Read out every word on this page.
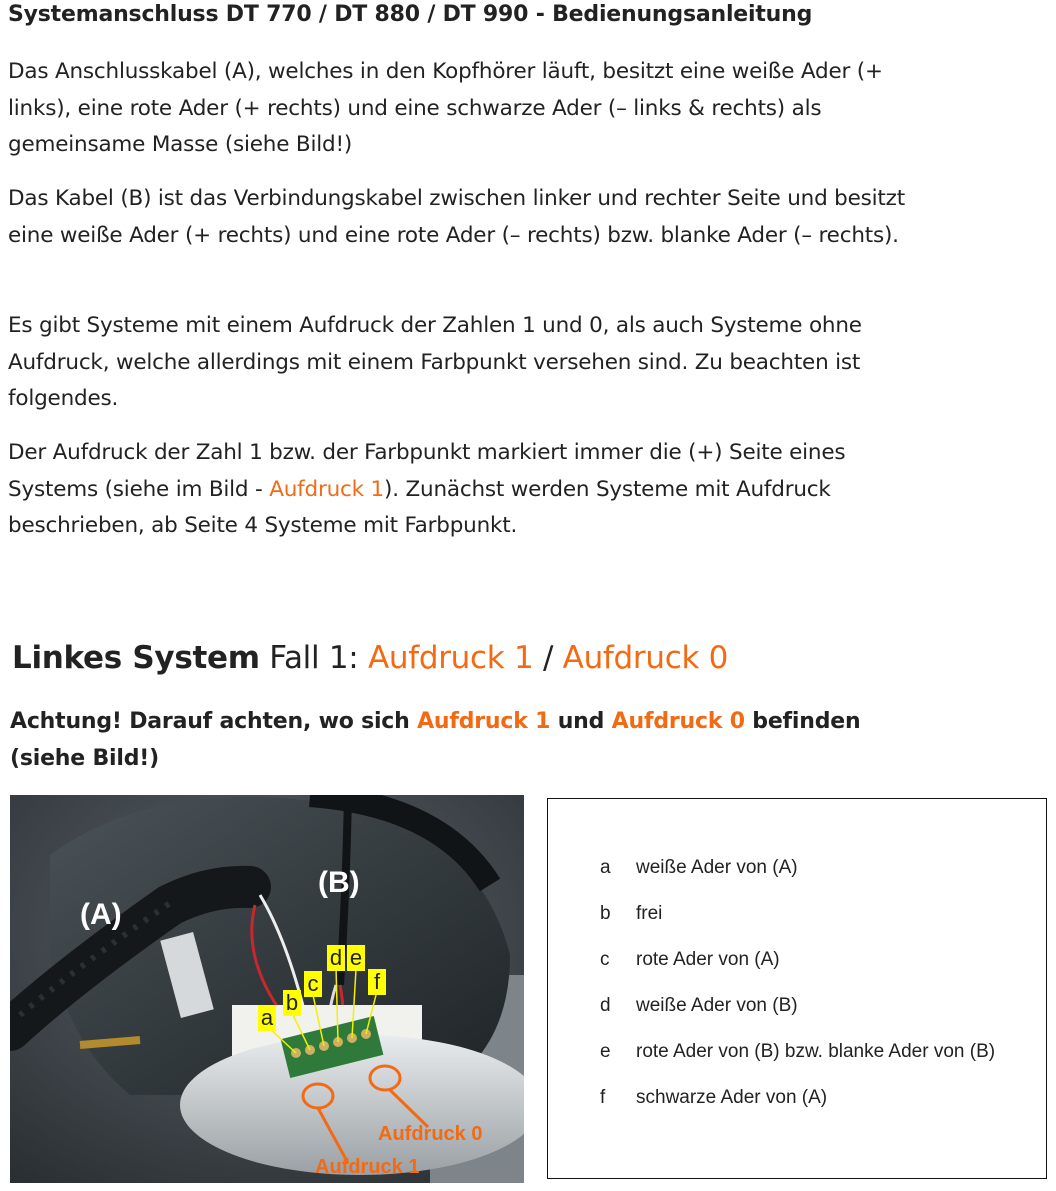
Systemanschluss DT 770 / DT 880 / DT 990 - Bedienungsanleitung

Das Anschlusskabel (A), welches in den Kopfhörer läuft, besitzt eine weiße Ader (+ links), eine rote Ader (+ rechts) und eine schwarze Ader (– links & rechts) als gemeinsame Masse (siehe Bild!)

Das Kabel (B) ist das Verbindungskabel zwischen linker und rechter Seite und besitzt eine weiße Ader (+ rechts) und eine rote Ader (– rechts) bzw. blanke Ader (– rechts).

Es gibt Systeme mit einem Aufdruck der Zahlen 1 und 0, als auch Systeme ohne Aufdruck, welche allerdings mit einem Farbpunkt versehen sind. Zu beachten ist folgendes.

Der Aufdruck der Zahl 1 bzw. der Farbpunkt markiert immer die (+) Seite eines Systems (siehe im Bild - Aufdruck 1). Zunächst werden Systeme mit Aufdruck beschrieben, ab Seite 4 Systeme mit Farbpunkt.

Linkes System Fall 1: Aufdruck 1 / Aufdruck 0

Achtung! Darauf achten, wo sich Aufdruck 1 und Aufdruck 0 befinden (siehe Bild!)

(A)
(B)
a
b
c
d e
f
Aufdruck 0
Aufdruck 1
a weiße Ader von (A)
b frei
c rote Ader von (A)
d weiße Ader von (B)
e rote Ader von (B) bzw. blanke Ader von (B)
f schwarze Ader von (A)
